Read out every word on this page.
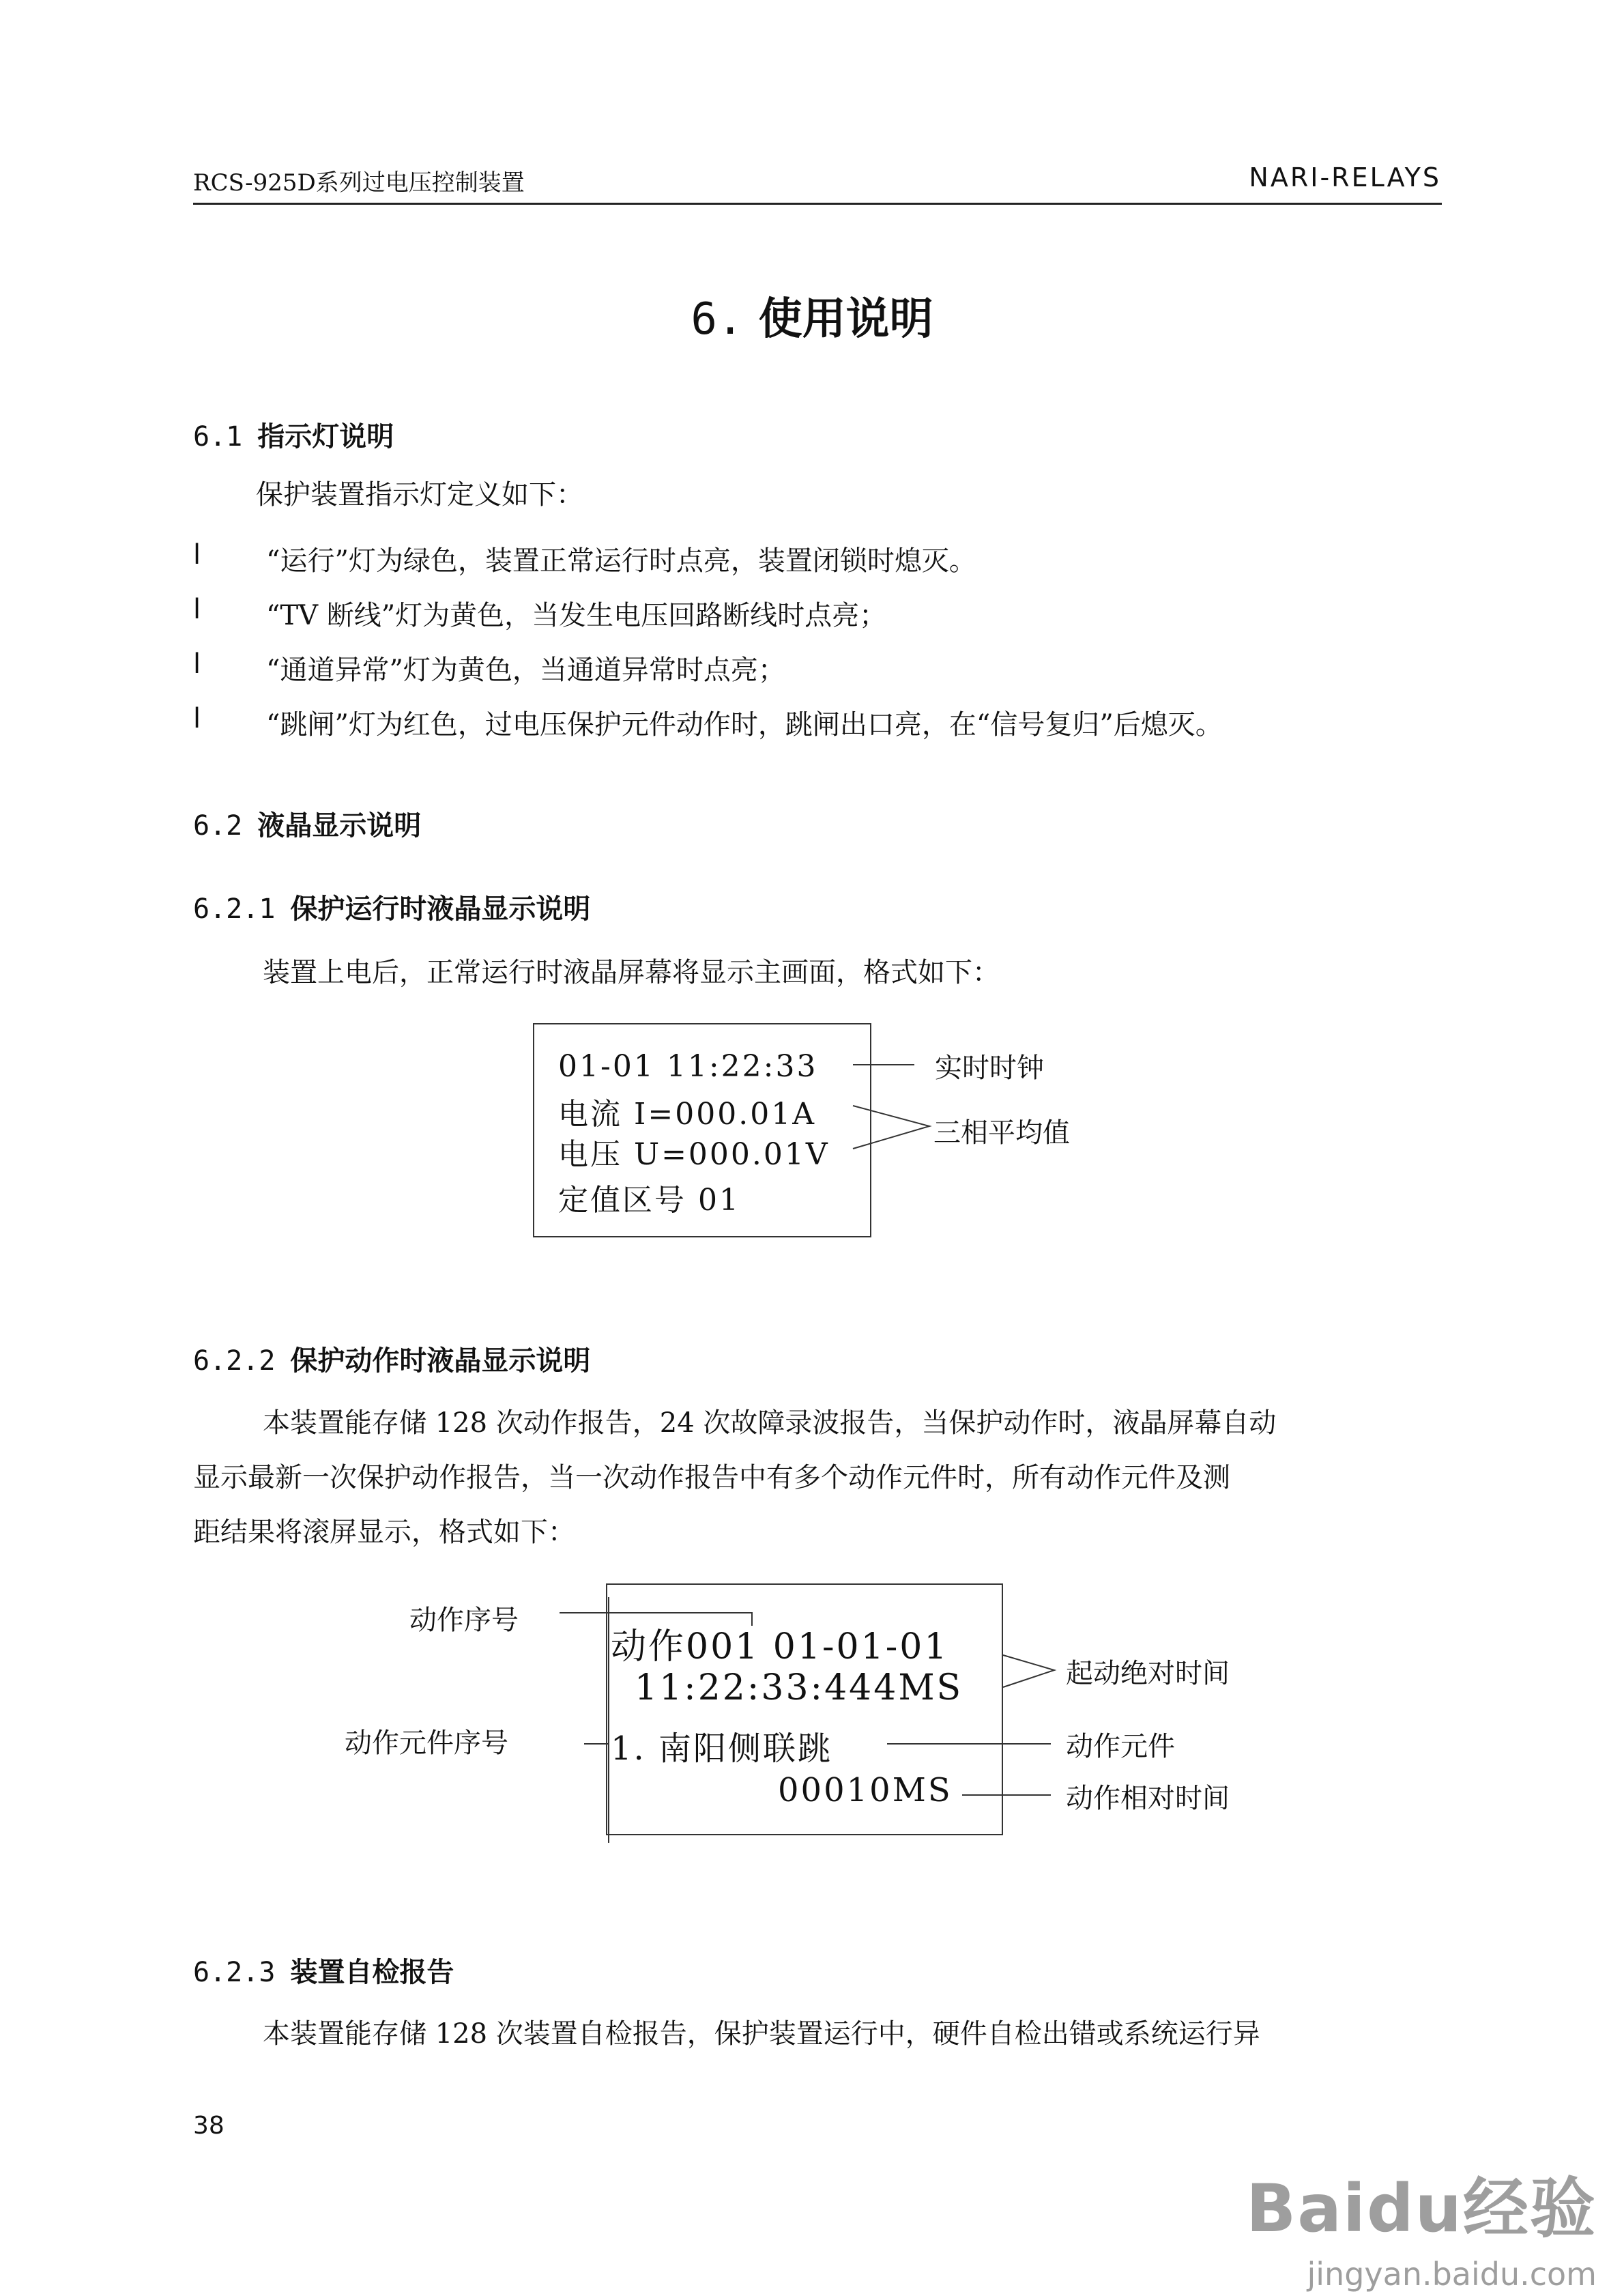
RCS-925D系列过电压控制装置	NARI-RELAYS
6. 使用说明
6.1 指示灯说明
保护装置指示灯定义如下：
l “运行”灯为绿色，装置正常运行时点亮，装置闭锁时熄灭。
l “TV 断线”灯为黄色，当发生电压回路断线时点亮；
l “通道异常”灯为黄色，当通道异常时点亮；
l “跳闸”灯为红色，过电压保护元件动作时，跳闸出口亮，在“信号复归”后熄灭。
6.2 液晶显示说明
6.2.1 保护运行时液晶显示说明
装置上电后，正常运行时液晶屏幕将显示主画面，格式如下：
01-01 11:22:33
电流 I=000.01A
电压 U=000.01V
定值区号 01
实时时钟
三相平均值
6.2.2 保护动作时液晶显示说明
本装置能存储 128 次动作报告，24 次故障录波报告，当保护动作时，液晶屏幕自动
显示最新一次保护动作报告，当一次动作报告中有多个动作元件时，所有动作元件及测
距结果将滚屏显示，格式如下：
动作001 01-01-01
11:22:33:444MS
1. 南阳侧联跳
00010MS
动作序号
动作元件序号
起动绝对时间
动作元件
动作相对时间
6.2.3 装置自检报告
本装置能存储 128 次装置自检报告，保护装置运行中，硬件自检出错或系统运行异
38
Baidu经验
jingyan.baidu.com
